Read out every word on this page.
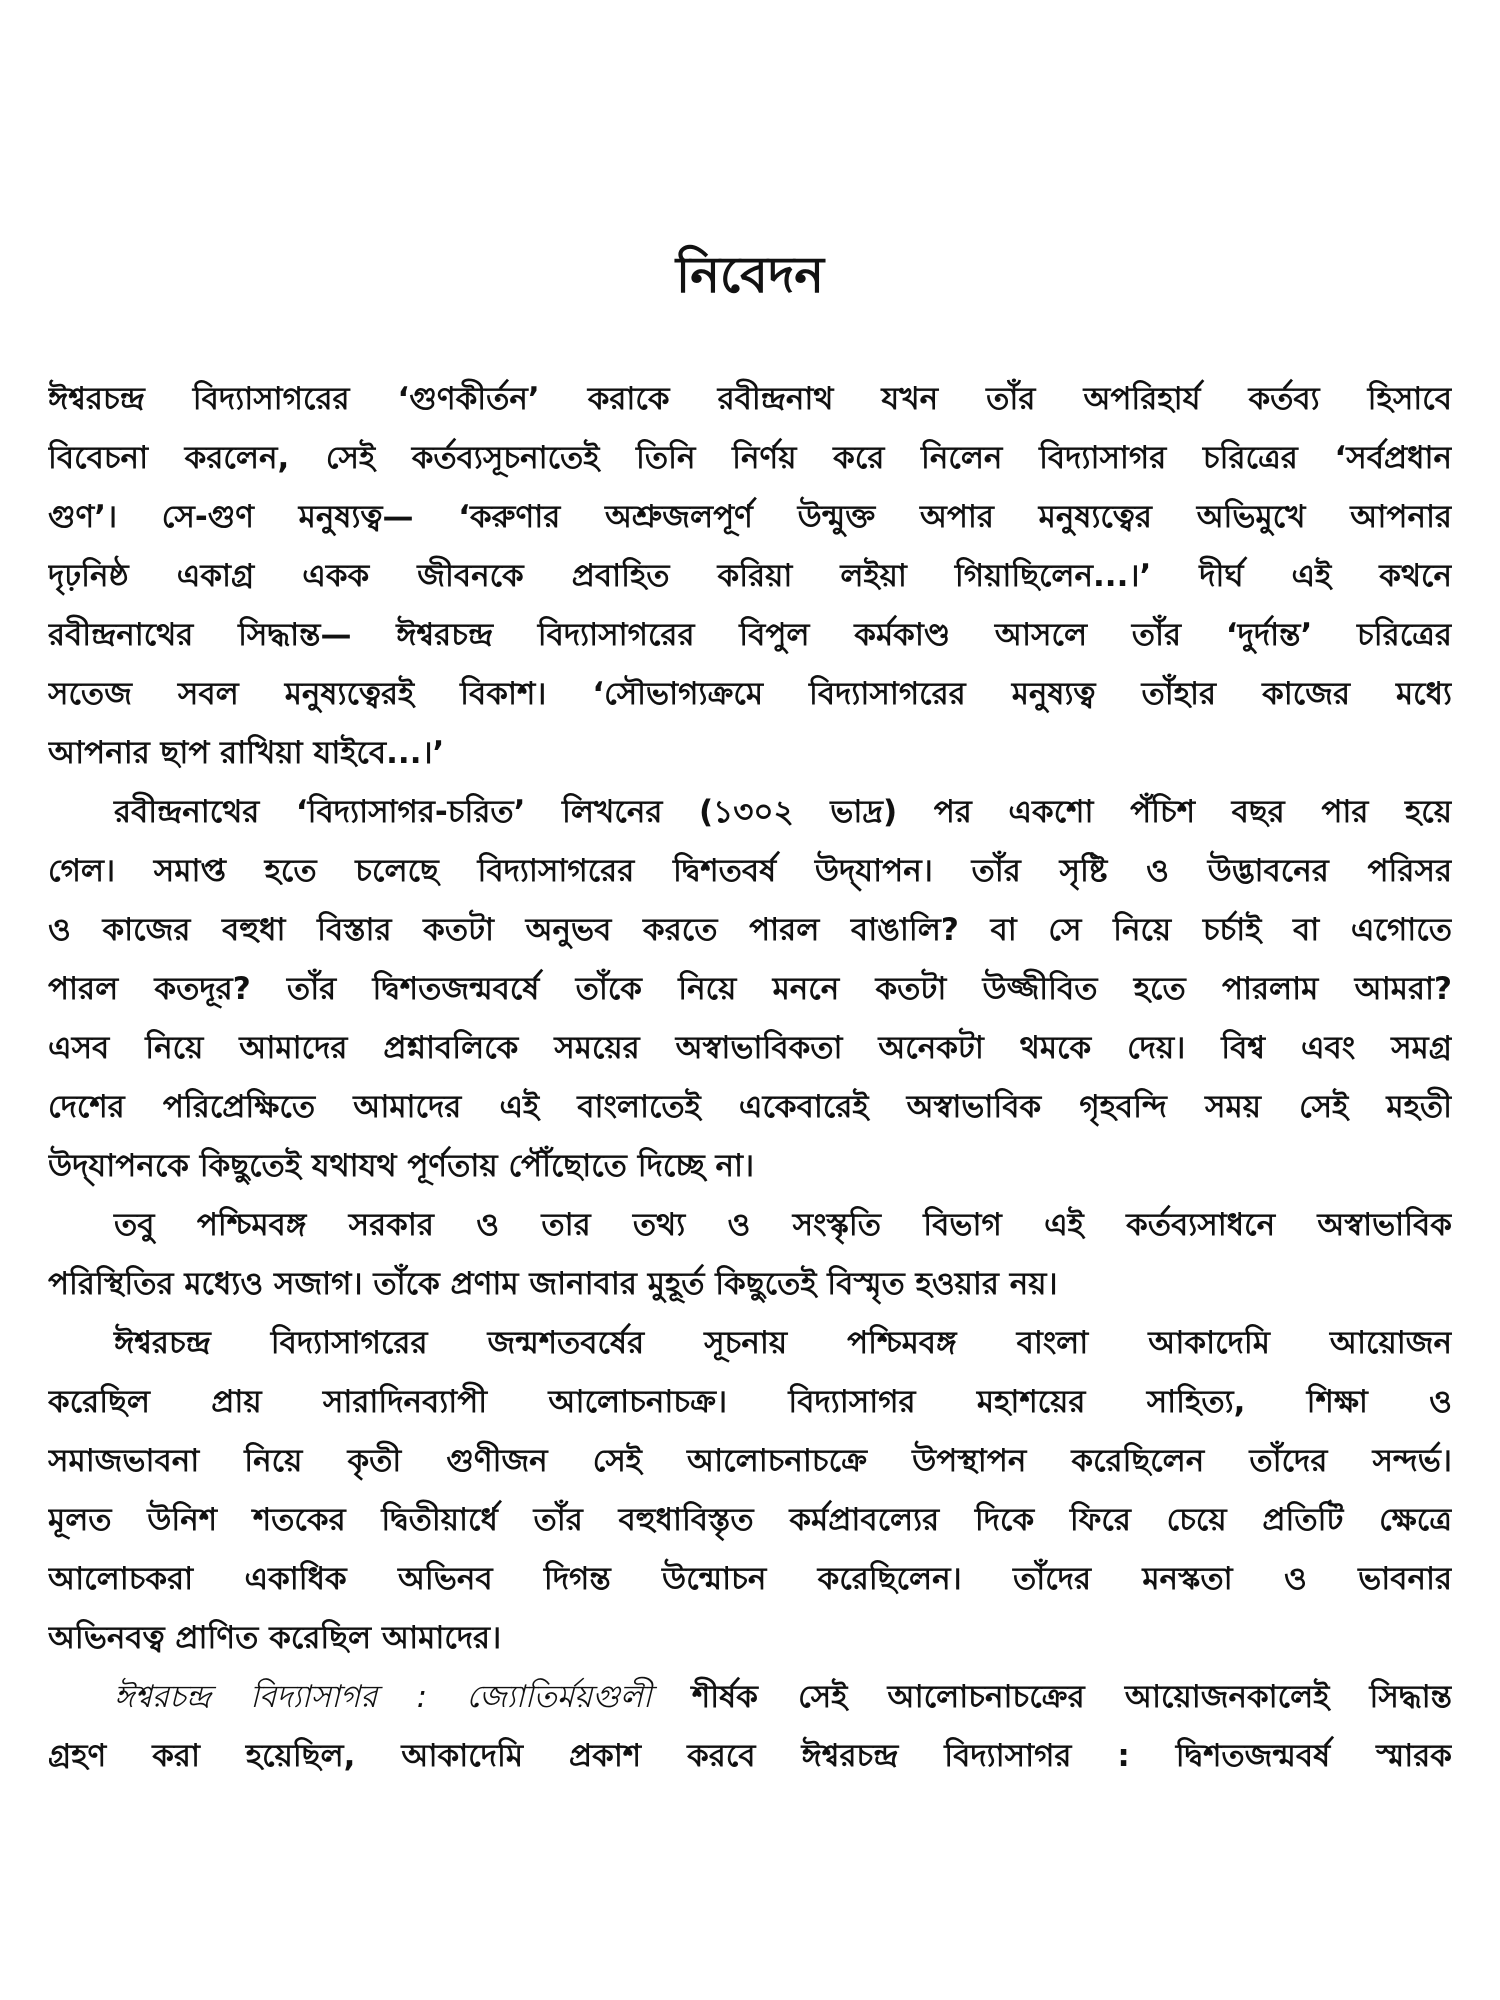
নিবেদন
ঈশ্বরচন্দ্র বিদ্যাসাগরের ‘গুণকীর্তন’ করাকে রবীন্দ্রনাথ যখন তাঁর অপরিহার্য কর্তব্য হিসাবে
বিবেচনা করলেন, সেই কর্তব্যসূচনাতেই তিনি নির্ণয় করে নিলেন বিদ্যাসাগর চরিত্রের ‘সর্বপ্রধান
গুণ’। সে-গুণ মনুষ্যত্ব— ‘করুণার অশ্রুজলপূর্ণ উন্মুক্ত অপার মনুষ্যত্বের অভিমুখে আপনার
দৃঢ়নিষ্ঠ একাগ্র একক জীবনকে প্রবাহিত করিয়া লইয়া গিয়াছিলেন...।’ দীর্ঘ এই কথনে
রবীন্দ্রনাথের সিদ্ধান্ত— ঈশ্বরচন্দ্র বিদ্যাসাগরের বিপুল কর্মকাণ্ড আসলে তাঁর ‘দুর্দান্ত’ চরিত্রের
সতেজ সবল মনুষ্যত্বেরই বিকাশ। ‘সৌভাগ্যক্রমে বিদ্যাসাগরের মনুষ্যত্ব তাঁহার কাজের মধ্যে
আপনার ছাপ রাখিয়া যাইবে...।’
রবীন্দ্রনাথের ‘বিদ্যাসাগর-চরিত’ লিখনের (১৩০২ ভাদ্র) পর একশো পঁচিশ বছর পার হয়ে
গেল। সমাপ্ত হতে চলেছে বিদ্যাসাগরের দ্বিশতবর্ষ উদ্‌যাপন। তাঁর সৃষ্টি ও উদ্ভাবনের পরিসর
ও কাজের বহুধা বিস্তার কতটা অনুভব করতে পারল বাঙালি? বা সে নিয়ে চর্চাই বা এগোতে
পারল কতদূর? তাঁর দ্বিশতজন্মবর্ষে তাঁকে নিয়ে মননে কতটা উজ্জীবিত হতে পারলাম আমরা?
এসব নিয়ে আমাদের প্রশ্নাবলিকে সময়ের অস্বাভাবিকতা অনেকটা থমকে দেয়। বিশ্ব এবং সমগ্র
দেশের পরিপ্রেক্ষিতে আমাদের এই বাংলাতেই একেবারেই অস্বাভাবিক গৃহবন্দি সময় সেই মহতী
উদ্‌যাপনকে কিছুতেই যথাযথ পূর্ণতায় পৌঁছোতে দিচ্ছে না।
তবু পশ্চিমবঙ্গ সরকার ও তার তথ্য ও সংস্কৃতি বিভাগ এই কর্তব্যসাধনে অস্বাভাবিক
পরিস্থিতির মধ্যেও সজাগ। তাঁকে প্রণাম জানাবার মুহূর্ত কিছুতেই বিস্মৃত হওয়ার নয়।
ঈশ্বরচন্দ্র বিদ্যাসাগরের জন্মশতবর্ষের সূচনায় পশ্চিমবঙ্গ বাংলা আকাদেমি আয়োজন
করেছিল প্রায় সারাদিনব্যাপী আলোচনাচক্র। বিদ্যাসাগর মহাশয়ের সাহিত্য, শিক্ষা ও
সমাজভাবনা নিয়ে কৃতী গুণীজন সেই আলোচনাচক্রে উপস্থাপন করেছিলেন তাঁদের সন্দর্ভ।
মূলত উনিশ শতকের দ্বিতীয়ার্ধে তাঁর বহুধাবিস্তৃত কর্মপ্রাবল্যের দিকে ফিরে চেয়ে প্রতিটি ক্ষেত্রে
আলোচকরা একাধিক অভিনব দিগন্ত উন্মোচন করেছিলেন। তাঁদের মনস্কতা ও ভাবনার
অভিনবত্ব প্রাণিত করেছিল আমাদের।
ঈশ্বরচন্দ্র বিদ্যাসাগর : জ্যোতির্ময়গুলী শীর্ষক সেই আলোচনাচক্রের আয়োজনকালেই সিদ্ধান্ত
গ্রহণ করা হয়েছিল, আকাদেমি প্রকাশ করবে ঈশ্বরচন্দ্র বিদ্যাসাগর : দ্বিশতজন্মবর্ষ স্মারক
